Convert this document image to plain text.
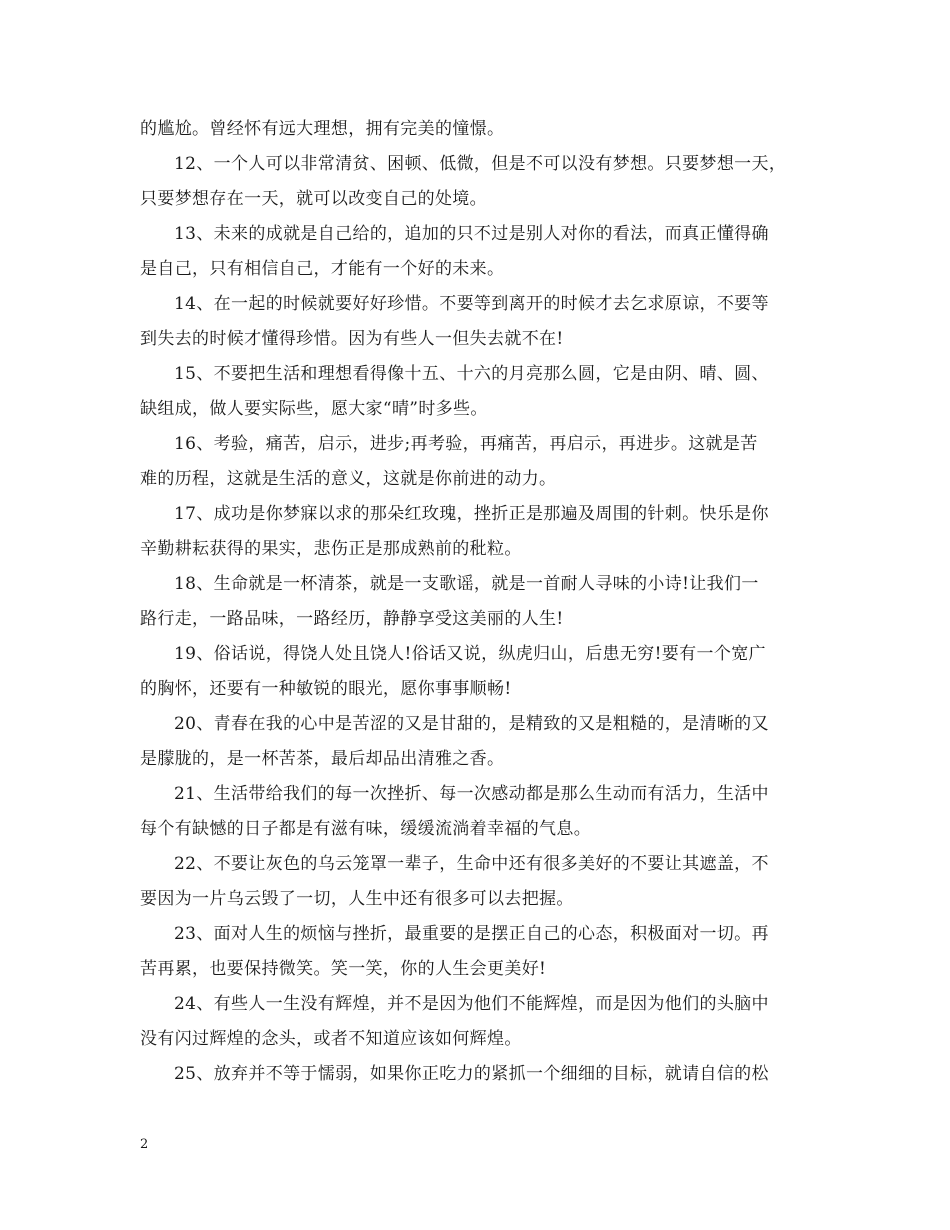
的尴尬。曾经怀有远大理想，拥有完美的憧憬。
12、一个人可以非常清贫、困顿、低微，但是不可以没有梦想。只要梦想一天，
只要梦想存在一天，就可以改变自己的处境。
13、未来的成就是自己给的，追加的只不过是别人对你的看法，而真正懂得确
是自己，只有相信自己，才能有一个好的未来。
14、在一起的时候就要好好珍惜。不要等到离开的时候才去乞求原谅，不要等
到失去的时候才懂得珍惜。因为有些人一但失去就不在!
15、不要把生活和理想看得像十五、十六的月亮那么圆，它是由阴、晴、圆、
缺组成，做人要实际些，愿大家“晴”时多些。
16、考验，痛苦，启示，进步;再考验，再痛苦，再启示，再进步。这就是苦
难的历程，这就是生活的意义，这就是你前进的动力。
17、成功是你梦寐以求的那朵红玫瑰，挫折正是那遍及周围的针刺。快乐是你
辛勤耕耘获得的果实，悲伤正是那成熟前的秕粒。
18、生命就是一杯清茶，就是一支歌谣，就是一首耐人寻味的小诗!让我们一
路行走，一路品味，一路经历，静静享受这美丽的人生!
19、俗话说，得饶人处且饶人!俗话又说，纵虎归山，后患无穷!要有一个宽广
的胸怀，还要有一种敏锐的眼光，愿你事事顺畅!
20、青春在我的心中是苦涩的又是甘甜的，是精致的又是粗糙的，是清晰的又
是朦胧的，是一杯苦茶，最后却品出清雅之香。
21、生活带给我们的每一次挫折、每一次感动都是那么生动而有活力，生活中
每个有缺憾的日子都是有滋有味，缓缓流淌着幸福的气息。
22、不要让灰色的乌云笼罩一辈子，生命中还有很多美好的不要让其遮盖，不
要因为一片乌云毁了一切，人生中还有很多可以去把握。
23、面对人生的烦恼与挫折，最重要的是摆正自己的心态，积极面对一切。再
苦再累，也要保持微笑。笑一笑，你的人生会更美好!
24、有些人一生没有辉煌，并不是因为他们不能辉煌，而是因为他们的头脑中
没有闪过辉煌的念头，或者不知道应该如何辉煌。
25、放弃并不等于懦弱，如果你正吃力的紧抓一个细细的目标，就请自信的松
2
